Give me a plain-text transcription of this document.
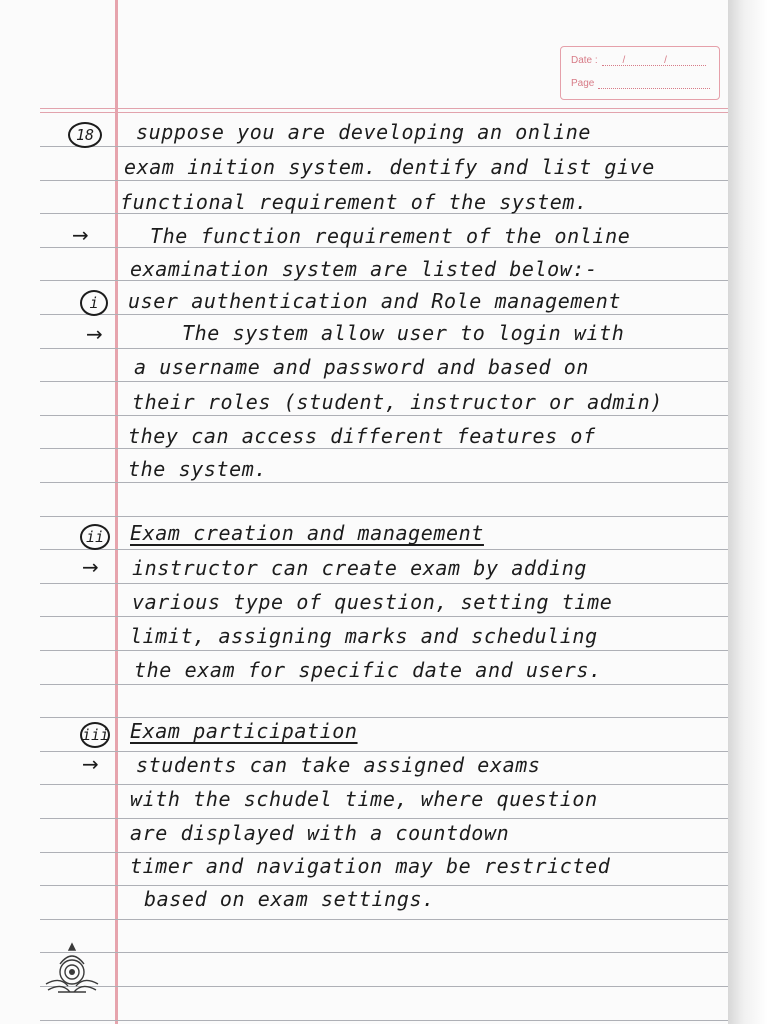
Date :	/ /
Page
18	suppose you are developing an online
exam inition system. dentify and list give
functional requirement of the system.
→	The function requirement of the online
examination system are listed below:-
i	user authentication and Role management
→	The system allow user to login with
a username and password and based on
their roles (student, instructor or admin)
they can access different features of
the system.
ii Exam creation and management
→ instructor can create exam by adding
various type of question, setting time
limit, assigning marks and scheduling
the exam for specific date and users.
iii Exam participation
→ students can take assigned exams
with the schudel time, where question
are displayed with a countdown
timer and navigation may be restricted
based on exam settings.
